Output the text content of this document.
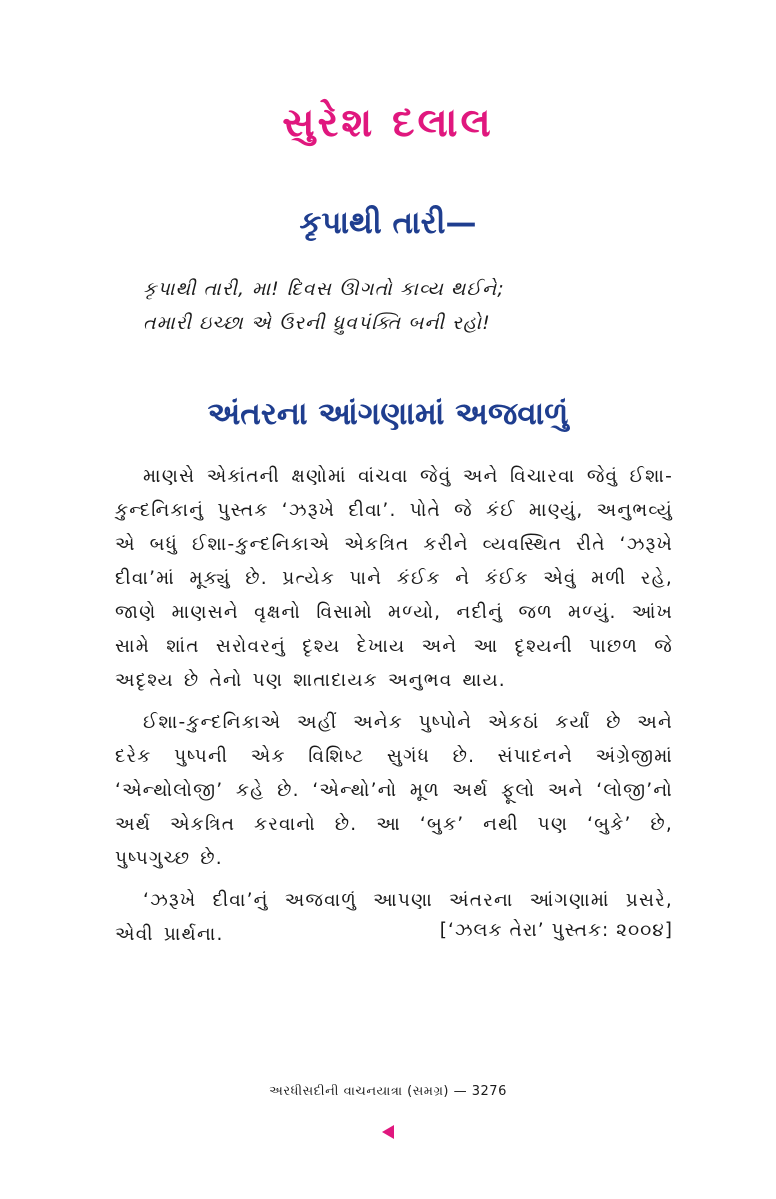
સુરેશ દલાલ
કૃપાથી તારી—
કૃપાથી તારી, મા! દિવસ ઊગતો કાવ્ય થઈને;
તમારી ઇચ્છા એ ઉરની ધ્રુવપંક્તિ બની રહો!
અંતરના આંગણામાં અજવાળું

માણસે એકાંતની ક્ષણોમાં વાંચવા જેવું અને વિચારવા જેવું ઈશા-કુન્દનિકાનું પુસ્તક ‘ઝરૂખે દીવા’. પોતે જે કંઈ માણ્યું, અનુભવ્યું એ બધું ઈશા-કુન્દનિકાએ એકત્રિત કરીને વ્યવસ્થિત રીતે ‘ઝરૂખે દીવા’માં મૂક્યું છે. પ્રત્યેક પાને કંઈક ને કંઈક એવું મળી રહે, જાણે માણસને વૃક્ષનો વિસામો મળ્યો, નદીનું જળ મળ્યું. આંખ સામે શાંત સરોવરનું દૃશ્ય દેખાય અને આ દૃશ્યની પાછળ જે અદૃશ્ય છે તેનો પણ શાતાદાયક અનુભવ થાય.

ઈશા-કુન્દનિકાએ અહીં અનેક પુષ્પોને એકઠાં કર્યાં છે અને દરેક પુષ્પની એક વિશિષ્ટ સુગંધ છે. સંપાદનને અંગ્રેજીમાં ‘એન્થોલોજી’ કહે છે. ‘એન્થો’નો મૂળ અર્થ ફૂલો અને ‘લોજી’નો અર્થ એકત્રિત કરવાનો છે. આ ‘બુક’ નથી પણ ‘બુકે’ છે, પુષ્પગુચ્છ છે.

‘ઝરૂખે દીવા’નું અજવાળું આપણા અંતરના આંગણામાં પ્રસરે, એવી પ્રાર્થના.	[‘ઝલક તેરા’ પુસ્તક: ૨૦૦૪]
અરધીસદીની વાચનયાત્રા (સમગ્ર) — 3276
